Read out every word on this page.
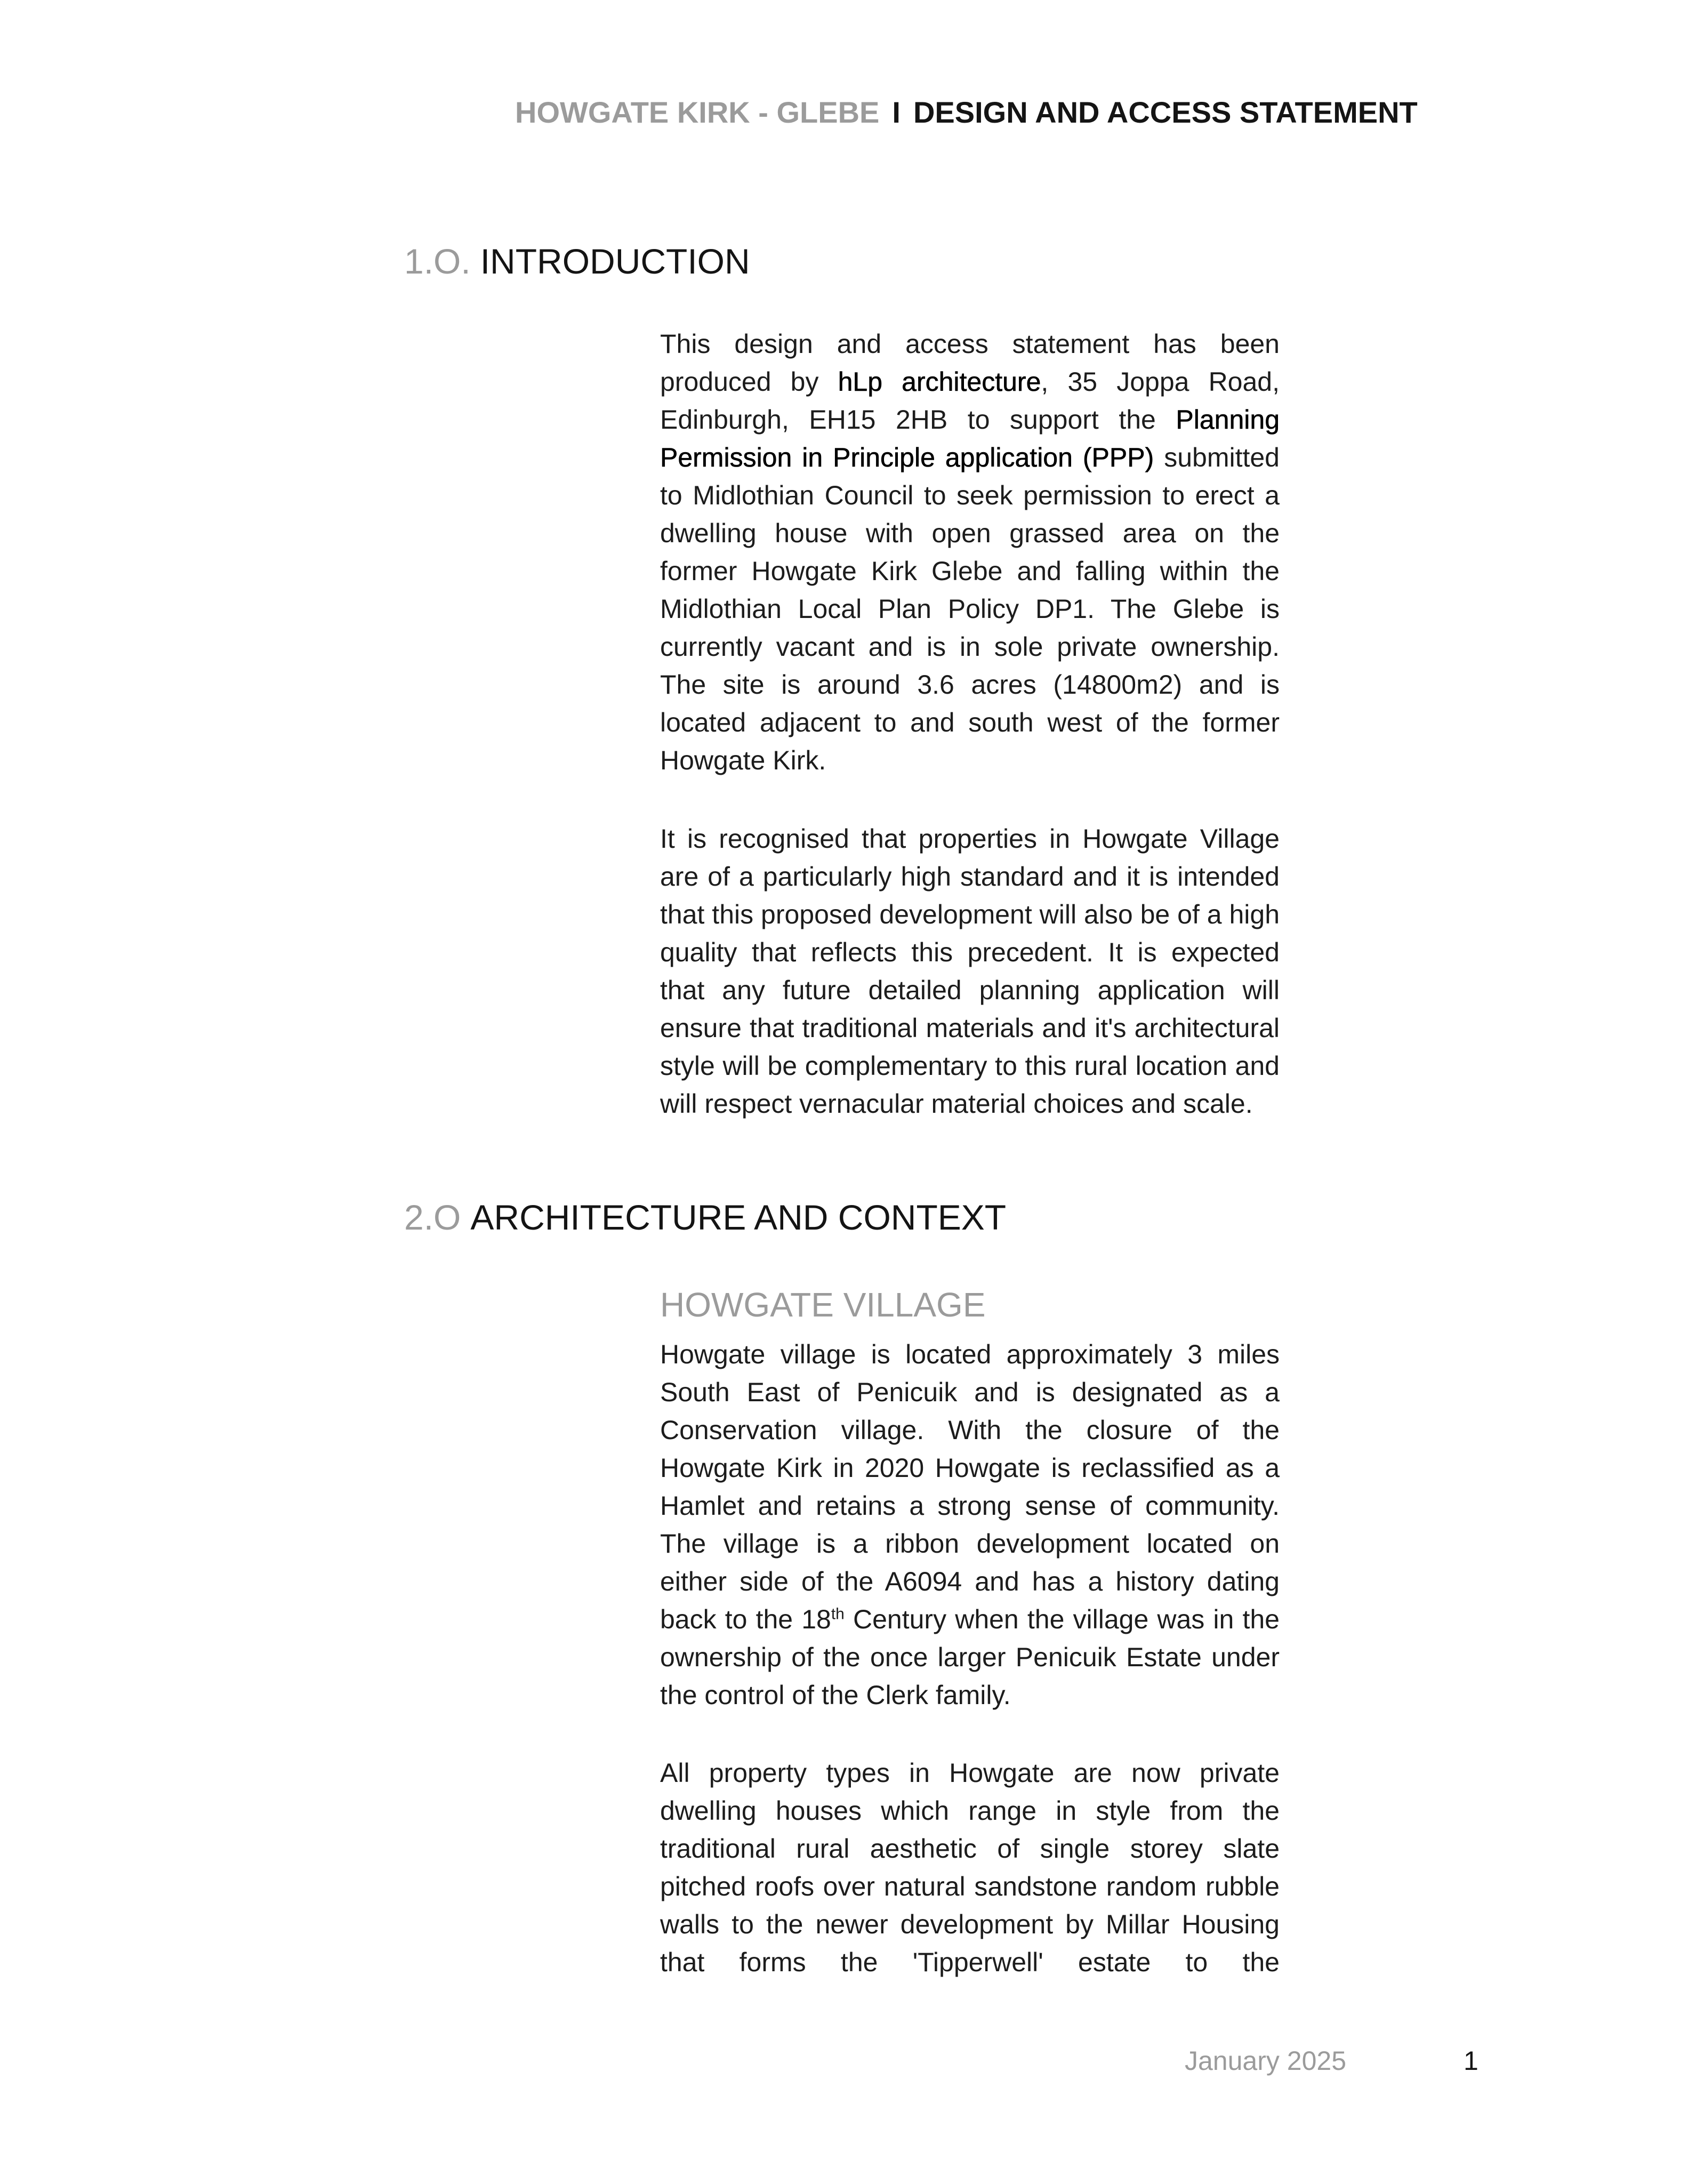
HOWGATE KIRK - GLEBE I DESIGN AND ACCESS STATEMENT
1.O. INTRODUCTION

This design and access statement has been produced by hLp architecture, 35 Joppa Road, Edinburgh, EH15 2HB to support the Planning Permission in Principle application (PPP) submitted to Midlothian Council to seek permission to erect a dwelling house with open grassed area on the former Howgate Kirk Glebe and falling within the Midlothian Local Plan Policy DP1. The Glebe is currently vacant and is in sole private ownership. The site is around 3.6 acres (14800m2) and is located adjacent to and south west of the former Howgate Kirk.

It is recognised that properties in Howgate Village are of a particularly high standard and it is intended that this proposed development will also be of a high quality that reflects this precedent. It is expected that any future detailed planning application will ensure that traditional materials and it's architectural style will be complementary to this rural location and will respect vernacular material choices and scale.

2.O ARCHITECTURE AND CONTEXT
HOWGATE VILLAGE

Howgate village is located approximately 3 miles South East of Penicuik and is designated as a Conservation village. With the closure of the Howgate Kirk in 2020 Howgate is reclassified as a Hamlet and retains a strong sense of community. The village is a ribbon development located on either side of the A6094 and has a history dating back to the 18th Century when the village was in the ownership of the once larger Penicuik Estate under the control of the Clerk family.

All property types in Howgate are now private dwelling houses which range in style from the traditional rural aesthetic of single storey slate pitched roofs over natural sandstone random rubble walls to the newer development by Millar Housing that forms the 'Tipperwell' estate to the

January 2025	1
